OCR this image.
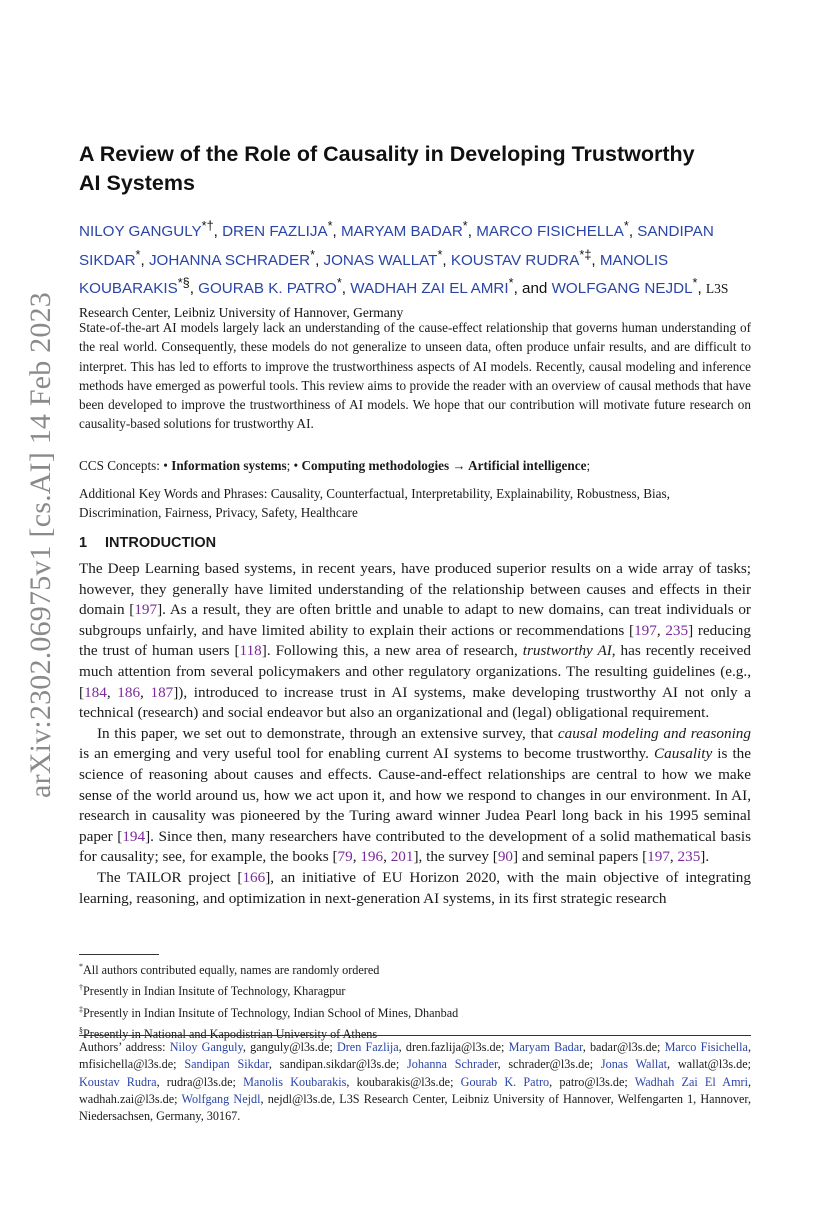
arXiv:2302.06975v1 [cs.AI] 14 Feb 2023
A Review of the Role of Causality in Developing Trustworthy AI Systems
NILOY GANGULY*†, DREN FAZLIJA*, MARYAM BADAR*, MARCO FISICHELLA*, SANDIPAN SIKDAR*, JOHANNA SCHRADER*, JONAS WALLAT*, KOUSTAV RUDRA*‡, MANOLIS KOUBARAKIS*§, GOURAB K. PATRO*, WADHAH ZAI EL AMRI*, and WOLFGANG NEJDL*, L3S Research Center, Leibniz University of Hannover, Germany

State-of-the-art AI models largely lack an understanding of the cause-effect relationship that governs human understanding of the real world. Consequently, these models do not generalize to unseen data, often produce unfair results, and are difficult to interpret. This has led to efforts to improve the trustworthiness aspects of AI models. Recently, causal modeling and inference methods have emerged as powerful tools. This review aims to provide the reader with an overview of causal methods that have been developed to improve the trustworthiness of AI models. We hope that our contribution will motivate future research on causality-based solutions for trustworthy AI.

CCS Concepts: • Information systems; • Computing methodologies → Artificial intelligence;
Additional Key Words and Phrases: Causality, Counterfactual, Interpretability, Explainability, Robustness, Bias, Discrimination, Fairness, Privacy, Safety, Healthcare
1 INTRODUCTION

The Deep Learning based systems, in recent years, have produced superior results on a wide array of tasks; however, they generally have limited understanding of the relationship between causes and effects in their domain [197]. As a result, they are often brittle and unable to adapt to new domains, can treat individuals or subgroups unfairly, and have limited ability to explain their actions or recommendations [197, 235] reducing the trust of human users [118]. Following this, a new area of research, trustworthy AI, has recently received much attention from several policymakers and other regulatory organizations. The resulting guidelines (e.g., [184, 186, 187]), introduced to increase trust in AI systems, make developing trustworthy AI not only a technical (research) and social endeavor but also an organizational and (legal) obligational requirement.

In this paper, we set out to demonstrate, through an extensive survey, that causal modeling and reasoning is an emerging and very useful tool for enabling current AI systems to become trustworthy. Causality is the science of reasoning about causes and effects. Cause-and-effect relationships are central to how we make sense of the world around us, how we act upon it, and how we respond to changes in our environment. In AI, research in causality was pioneered by the Turing award winner Judea Pearl long back in his 1995 seminal paper [194]. Since then, many researchers have contributed to the development of a solid mathematical basis for causality; see, for example, the books [79, 196, 201], the survey [90] and seminal papers [197, 235].

The TAILOR project [166], an initiative of EU Horizon 2020, with the main objective of integrating learning, reasoning, and optimization in next-generation AI systems, in its first strategic research

*All authors contributed equally, names are randomly ordered
†Presently in Indian Insitute of Technology, Kharagpur
‡Presently in Indian Insitute of Technology, Indian School of Mines, Dhanbad
§Presently in National and Kapodistrian University of Athens
Authors’ address: Niloy Ganguly, ganguly@l3s.de; Dren Fazlija, dren.fazlija@l3s.de; Maryam Badar, badar@l3s.de; Marco Fisichella, mfisichella@l3s.de; Sandipan Sikdar, sandipan.sikdar@l3s.de; Johanna Schrader, schrader@l3s.de; Jonas Wallat, wallat@l3s.de; Koustav Rudra, rudra@l3s.de; Manolis Koubarakis, koubarakis@l3s.de; Gourab K. Patro, patro@l3s.de; Wadhah Zai El Amri, wadhah.zai@l3s.de; Wolfgang Nejdl, nejdl@l3s.de, L3S Research Center, Leibniz University of Hannover, Welfengarten 1, Hannover, Niedersachsen, Germany, 30167.
